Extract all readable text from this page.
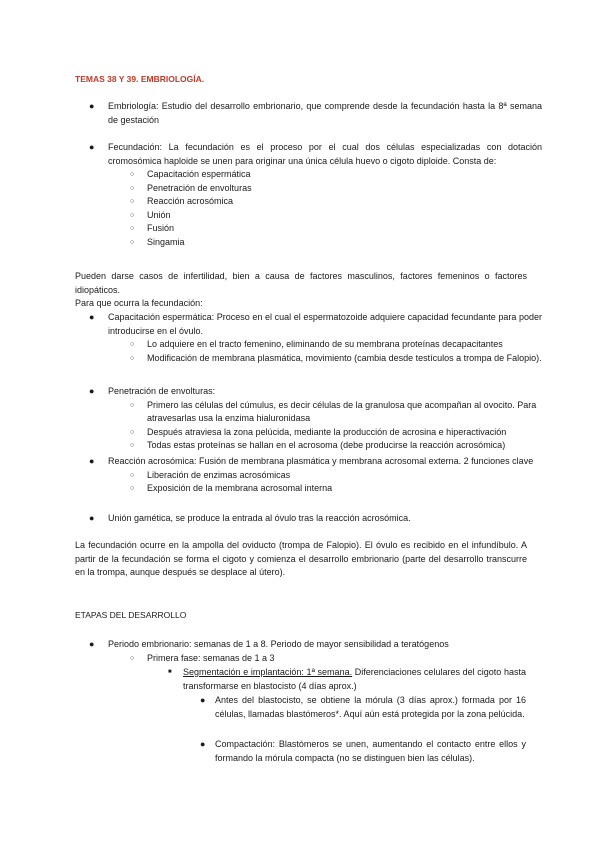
TEMAS 38 Y 39. EMBRIOLOGÍA.
● Embriología: Estudio del desarrollo embrionario, que comprende desde la fecundación hasta la 8ª semana de gestación
● Fecundación: La fecundación es el proceso por el cual dos células especializadas con dotación cromosómica haploide se unen para originar una única célula huevo o cigoto diploide. Consta de:
○ Capacitación espermática
○ Penetración de envolturas
○ Reacción acrosómica
○ Unión
○ Fusión
○ Singamia
Pueden darse casos de infertilidad, bien a causa de factores masculinos, factores femeninos o factores idiopáticos.
Para que ocurra la fecundación:
● Capacitación espermática: Proceso en el cual el espermatozoide adquiere capacidad fecundante para poder introducirse en el óvulo.
○ Lo adquiere en el tracto femenino, eliminando de su membrana proteínas decapacitantes
○ Modificación de membrana plasmática, movimiento (cambia desde testículos a trompa de Falopio).
● Penetración de envolturas:
○ Primero las células del cúmulus, es decir células de la granulosa que acompañan al ovocito. Para atravesarlas usa la enzima hialuronidasa
○ Después atraviesa la zona pelúcida, mediante la producción de acrosina e hiperactivación
○ Todas estas proteínas se hallan en el acrosoma (debe producirse la reacción acrosómica)
● Reacción acrosómica: Fusión de membrana plasmática y membrana acrosomal externa. 2 funciones clave
○ Liberación de enzimas acrosómicas
○ Exposición de la membrana acrosomal interna
● Unión gamética, se produce la entrada al óvulo tras la reacción acrosómica.
La fecundación ocurre en la ampolla del oviducto (trompa de Falopio). El óvulo es recibido en el infundíbulo. A partir de la fecundación se forma el cigoto y comienza el desarrollo embrionario (parte del desarrollo transcurre en la trompa, aunque después se desplace al útero).
ETAPAS DEL DESARROLLO
● Periodo embrionario: semanas de 1 a 8. Periodo de mayor sensibilidad a teratógenos
○ Primera fase: semanas de 1 a 3
■ Segmentación e implantación: 1ª semana. Diferenciaciones celulares del cigoto hasta transformarse en blastocisto (4 días aprox.)
● Antes del blastocisto, se obtiene la mórula (3 días aprox.) formada por 16 células, llamadas blastómeros*. Aquí aún está protegida por la zona pelúcida.
● Compactación: Blastómeros se unen, aumentando el contacto entre ellos y formando la mórula compacta (no se distinguen bien las células).
